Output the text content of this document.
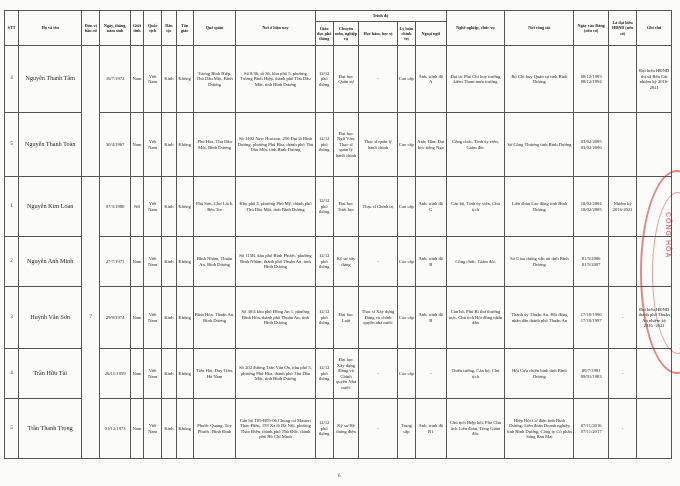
STT	Họ và tên	Đơn vị bầu cử	Ngày, tháng, năm sinh	Giới tính	Quốc tịch	Dân tộc	Tôn giáo	Quê quán	Nơi ở hiện nay	Trình độ					Nghề nghiệp, chức vụ	Nơi công tác	Ngày vào Đảng (nếu có)	Là đại biểu HĐND (nếu có)	Ghi chú
										Giáo dục phổ thông	Chuyên môn, nghiệp vụ	Học hàm, học vị	Lý luận chính trị	Ngoại ngữ					
4	Nguyễn Thanh Tâm		16/7/1972	Nam	Việt Nam	Kinh	Không	Tương Bình Hiệp, Thủ Dầu Một, Bình Dương	Số 8/36, tổ 36, khu phố 5, phường Tương Bình Hiệp, thành phố Thủ Dầu Một, tỉnh Bình Dương	12/12 phổ thông	Đại học Quân sự	-	Cao cấp	Anh, trình độ A	Đại tá, Phó Chỉ huy trưởng kiêm Tham mưu trưởng	Bộ Chỉ huy Quân sự tỉnh Bình Dương	08/12/1993 08/12/1994		Đại biểu HĐND thị xã Bến Cát nhiệm kỳ 2016-2021
5	Nguyễn Thanh Toàn		30/4/1967	Nam	Việt Nam	Kinh	Không	Phú Hòa, Thủ Dầu Một, Bình Dương	Số 1402 New Horizon, 250 Đại lộ Bình Dương, phường Phú Hòa, thành phố Thủ Dầu Một, tỉnh Bình Dương	12/12 phổ thông	Đại học Ngữ Văn; Thạc sĩ quản lý hành chính	Thạc sĩ quản lý hành chính	Cao cấp	Anh; Hàn; Đại học tiếng Nga	Công chức, Tỉnh ủy viên, Giám đốc	Sở Công Thương tỉnh Bình Dương	03/02/2005 03/02/2006		
1	Nguyễn Kim Loan	7	07/3/1980	Nữ	Việt Nam	Kinh	Không	Phú Sơn, Chợ Lách, Bến Tre	Khu phố 5, phường Phú Mỹ, thành phố Thủ Dầu Một, tỉnh Bình Dương	12/12 phổ thông	Đại học Triết học	Thạc sĩ Chính trị	Cao cấp	Anh, trình độ C	Cán bộ, Tỉnh ủy viên, Chủ tịch	Liên đoàn Lao động tỉnh Bình Dương	18/02/2004 18/02/2005	Nhiệm kỳ 2016-2021	
2	Nguyễn Anh Minh		27/7/1971	Nam	Việt Nam	Kinh	Không	Bình Nhâm, Thuận An, Bình Dương	Số 115B, khu phố Bình Phước, phường Bình Nhâm, thành phố Thuận An, tỉnh Bình Dương	12/12 phổ thông	Kỹ sư xây dựng	-	Cao cấp	Anh, trình độ B	Công chức, Giám đốc	Sở Giao thông vận tải tỉnh Bình Dương	01/5/2006 01/5/2007		
3	Huỳnh Văn Sơn		29/9/1974	Nam	Việt Nam	Kinh	Không	Bình Hòa, Thuận An, Bình Dương	Số 30/4 khu phố Đồng An 1, phường Bình Hòa, thành phố Thuận An, tỉnh Bình Dương	12/12 phổ thông	Đại học Luật	Thạc sĩ Xây dựng Đảng và chính quyền nhà nước	Cao cấp	Anh, trình độ B	Cán bộ, Phó Bí thư thường trực, Chủ tịch Hội đồng nhân dân	Thành ủy Thuận An, Hội đồng nhân dân thành phố Thuận An	17/10/1996 17/10/1997	-	Đại biểu HĐND thành phố Thuận An nhiệm kỳ 2016 -2021
4	Trần Hữu Tài		26/11/1959	Nam	Việt Nam	Kinh	Không	Tiên Hải, Duy Tiên, Hà Nam	Số 202 đường Trần Văn Ơn, khu phố 5, phường Phú Hòa, thành phố Thủ Dầu Một, tỉnh Bình Dương	12/12 phổ thông	Đại học Xây dựng Đảng và Chính quyền Nhà nước	-	Cao cấp	-	Thiếu tướng, Cán bộ, Chủ tịch	Hội Cựu chiến binh tỉnh Bình Dương	09/7/1981 09/01/1983	-	
5	Trần Thanh Trọng		01/12/1973	Nam	Việt Nam	Kinh	Không	Phước Quang, Tuy Phước, Bình Định	Căn hộ T05-B05-06 Chung cư Masteri Thảo Điền, 159 Xa lộ Hà Nội, phường Thảo Điền, thành phố Thủ Đức, thành phố Hồ Chí Minh	12/12 phổ thông	Kỹ sư Hệ thống điện	-	Trung cấp	Anh, trình độ B1	Chủ tịch Hiệp hội, Phó Chủ tịch Liên đoàn, Tổng Giám đốc	Hiệp Hội Cơ điện tỉnh Bình Dương, Liên đoàn Doanh nghiệp tỉnh Bình Dương, Công ty Cổ phần Sáng Ban Mai	07/11/2016 07/11/2017	-	
CÔNG HÒA
6
